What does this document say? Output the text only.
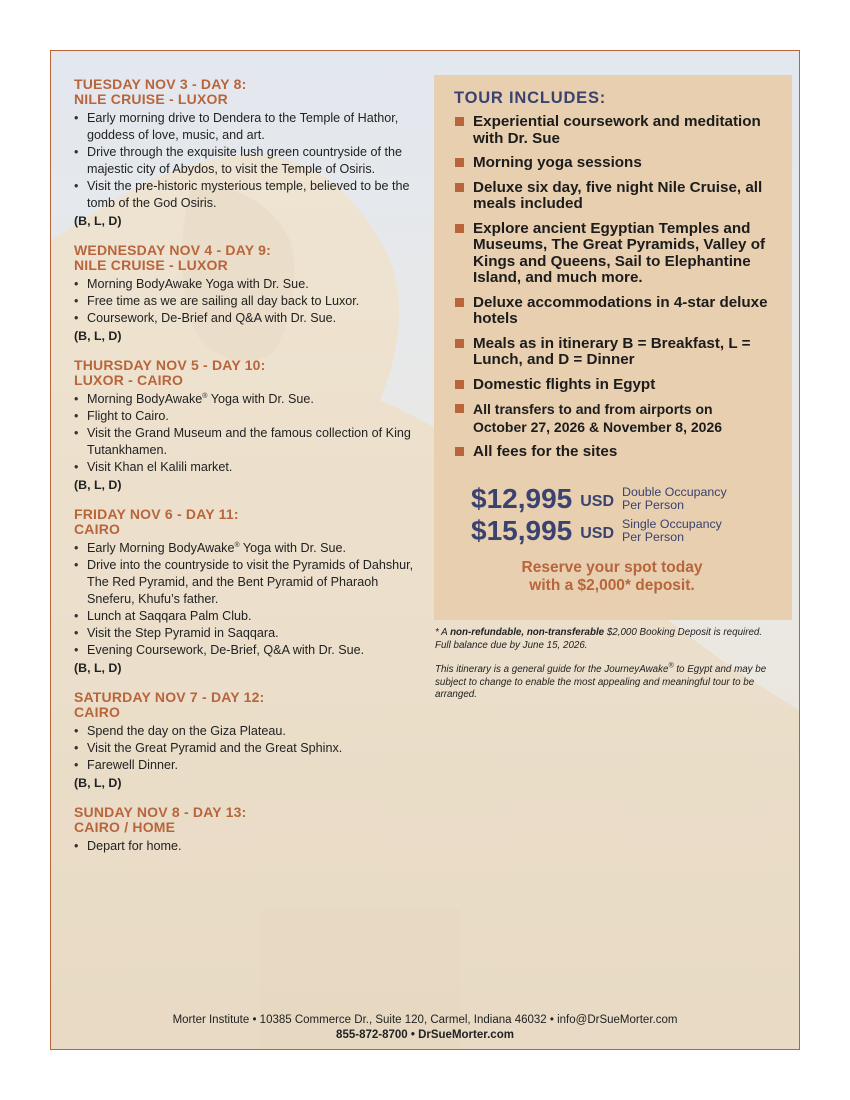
TUESDAY NOV 3 - DAY 8:
NILE CRUISE - LUXOR
• Early morning drive to Dendera to the Temple of Hathor, goddess of love, music, and art.
• Drive through the exquisite lush green countryside of the majestic city of Abydos, to visit the Temple of Osiris.
• Visit the pre-historic mysterious temple, believed to be the tomb of the God Osiris.
(B, L, D)
WEDNESDAY NOV 4 - DAY 9:
NILE CRUISE - LUXOR
• Morning BodyAwake Yoga with Dr. Sue.
• Free time as we are sailing all day back to Luxor.
• Coursework, De-Brief and Q&A with Dr. Sue.
(B, L, D)
THURSDAY NOV 5 - DAY 10:
LUXOR - CAIRO
• Morning BodyAwake® Yoga with Dr. Sue.
• Flight to Cairo.
• Visit the Grand Museum and the famous collection of King Tutankhamen.
• Visit Khan el Kalili market.
(B, L, D)
FRIDAY NOV 6 - DAY 11:
CAIRO
• Early Morning BodyAwake® Yoga with Dr. Sue.
• Drive into the countryside to visit the Pyramids of Dahshur, The Red Pyramid, and the Bent Pyramid of Pharaoh Sneferu, Khufu’s father.
• Lunch at Saqqara Palm Club.
• Visit the Step Pyramid in Saqqara.
• Evening Coursework, De-Brief, Q&A with Dr. Sue.
(B, L, D)
SATURDAY NOV 7 - DAY 12:
CAIRO
• Spend the day on the Giza Plateau.
• Visit the Great Pyramid and the Great Sphinx.
• Farewell Dinner.
(B, L, D)
SUNDAY NOV 8 - DAY 13:
CAIRO / HOME
• Depart for home.
TOUR INCLUDES:
Experiential coursework and meditation with Dr. Sue
Morning yoga sessions
Deluxe six day, five night Nile Cruise, all meals included
Explore ancient Egyptian Temples and Museums, The Great Pyramids, Valley of Kings and Queens, Sail to Elephantine Island, and much more.
Deluxe accommodations in 4-star deluxe hotels
Meals as in itinerary B = Breakfast, L = Lunch, and D = Dinner
Domestic flights in Egypt
All transfers to and from airports on October 27, 2026 & November 8, 2026
All fees for the sites
$12,995 USD
Double Occupancy
Per Person
$15,995 USD
Single Occupancy
Per Person
Reserve your spot today
with a $2,000* deposit.

* A non-refundable, non-transferable $2,000 Booking Deposit is required. Full balance due by June 15, 2026.

This itinerary is a general guide for the JourneyAwake® to Egypt and may be subject to change to enable the most appealing and meaningful tour to be arranged.

Morter Institute • 10385 Commerce Dr., Suite 120, Carmel, Indiana 46032 • info@DrSueMorter.com
855-872-8700 • DrSueMorter.com
